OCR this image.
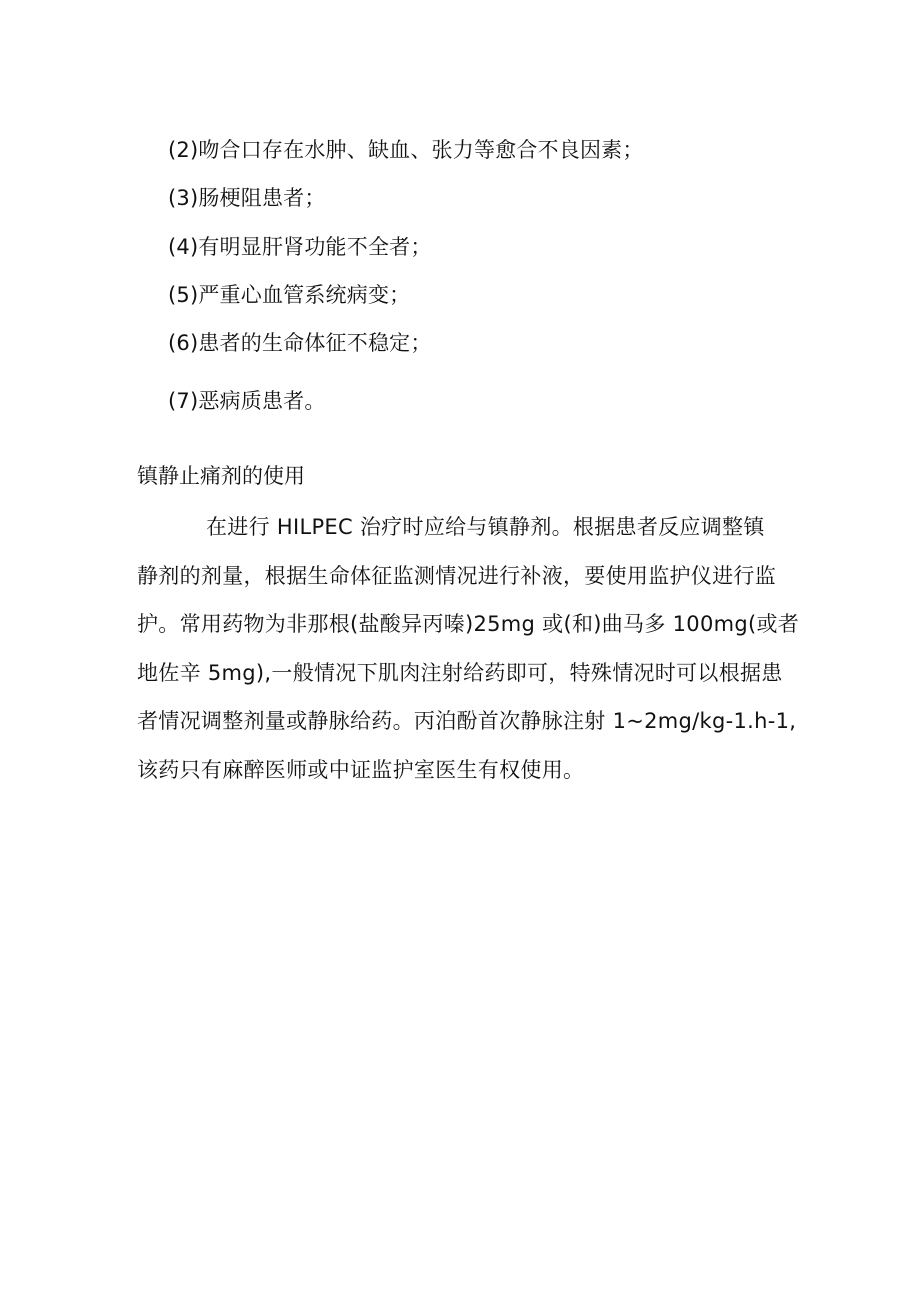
(2)吻合口存在水肿、缺血、张力等愈合不良因素；
(3)肠梗阻患者；
(4)有明显肝肾功能不全者；
(5)严重心血管系统病变；
(6)患者的生命体征不稳定；
(7)恶病质患者。
镇静止痛剂的使用
在进行 HILPEC 治疗时应给与镇静剂。根据患者反应调整镇
静剂的剂量，根据生命体征监测情况进行补液，要使用监护仪进行监
护。常用药物为非那根(盐酸异丙嗪)25mg 或(和)曲马多 100mg(或者
地佐辛 5mg),一般情况下肌肉注射给药即可，特殊情况时可以根据患
者情况调整剂量或静脉给药。丙泊酚首次静脉注射 1~2mg/kg-1.h-1,
该药只有麻醉医师或中证监护室医生有权使用。
